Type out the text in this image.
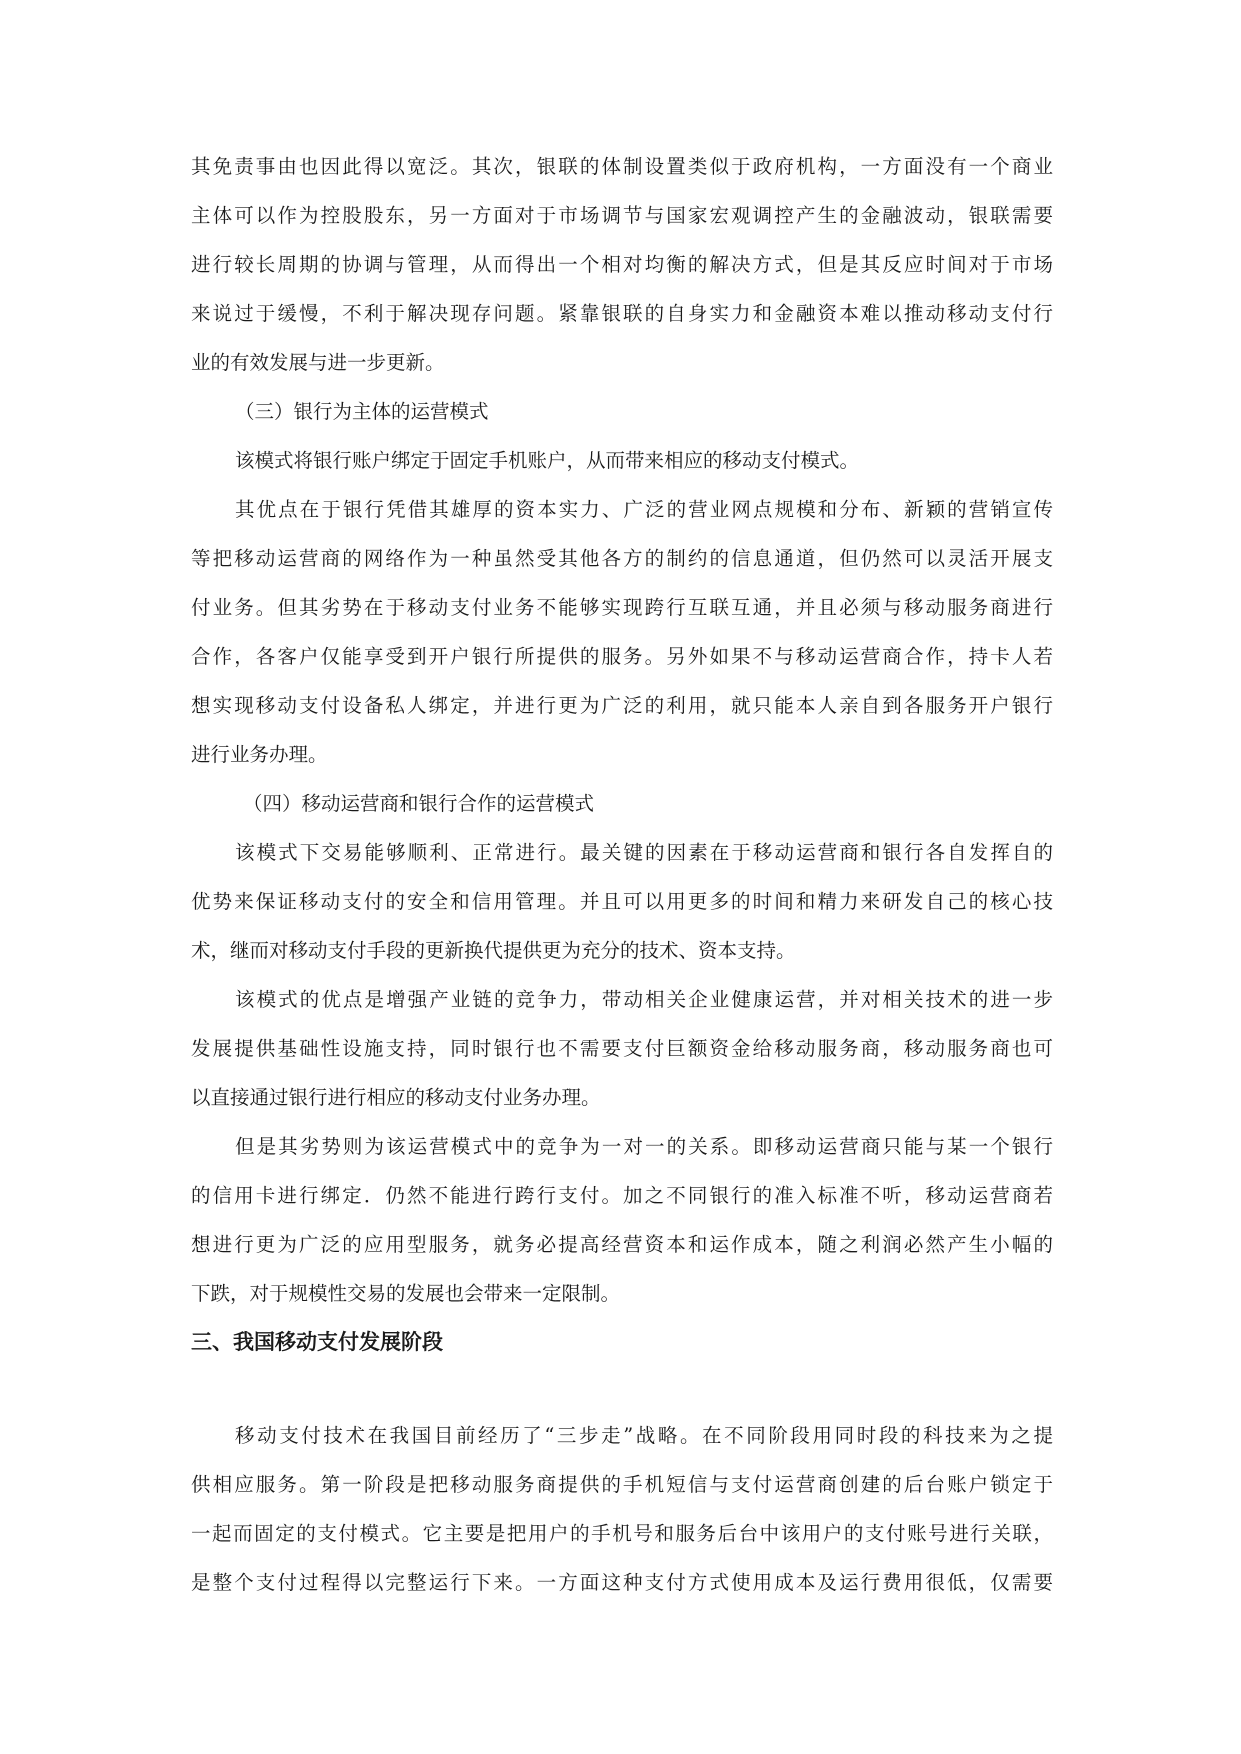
其免责事由也因此得以宽泛。其次，银联的体制设置类似于政府机构，一方面没有一个商业
主体可以作为控股股东，另一方面对于市场调节与国家宏观调控产生的金融波动，银联需要
进行较长周期的协调与管理，从而得出一个相对均衡的解决方式，但是其反应时间对于市场
来说过于缓慢，不利于解决现存问题。紧靠银联的自身实力和金融资本难以推动移动支付行
业的有效发展与进一步更新。
（三）银行为主体的运营模式
该模式将银行账户绑定于固定手机账户，从而带来相应的移动支付模式。
其优点在于银行凭借其雄厚的资本实力、广泛的营业网点规模和分布、新颖的营销宣传
等把移动运营商的网络作为一种虽然受其他各方的制约的信息通道，但仍然可以灵活开展支
付业务。但其劣势在于移动支付业务不能够实现跨行互联互通，并且必须与移动服务商进行
合作，各客户仅能享受到开户银行所提供的服务。另外如果不与移动运营商合作，持卡人若
想实现移动支付设备私人绑定，并进行更为广泛的利用，就只能本人亲自到各服务开户银行
进行业务办理。
（四）移动运营商和银行合作的运营模式
该模式下交易能够顺利、正常进行。最关键的因素在于移动运营商和银行各自发挥自的
优势来保证移动支付的安全和信用管理。并且可以用更多的时间和精力来研发自己的核心技
术，继而对移动支付手段的更新换代提供更为充分的技术、资本支持。
该模式的优点是增强产业链的竞争力，带动相关企业健康运营，并对相关技术的进一步
发展提供基础性设施支持，同时银行也不需要支付巨额资金给移动服务商，移动服务商也可
以直接通过银行进行相应的移动支付业务办理。
但是其劣势则为该运营模式中的竞争为一对一的关系。即移动运营商只能与某一个银行
的信用卡进行绑定．仍然不能进行跨行支付。加之不同银行的准入标准不听，移动运营商若
想进行更为广泛的应用型服务，就务必提高经营资本和运作成本，随之利润必然产生小幅的
下跌，对于规模性交易的发展也会带来一定限制。
三、我国移动支付发展阶段
移动支付技术在我国目前经历了“三步走”战略。在不同阶段用同时段的科技来为之提
供相应服务。第一阶段是把移动服务商提供的手机短信与支付运营商创建的后台账户锁定于
一起而固定的支付模式。它主要是把用户的手机号和服务后台中该用户的支付账号进行关联，
是整个支付过程得以完整运行下来。一方面这种支付方式使用成本及运行费用很低，仅需要
